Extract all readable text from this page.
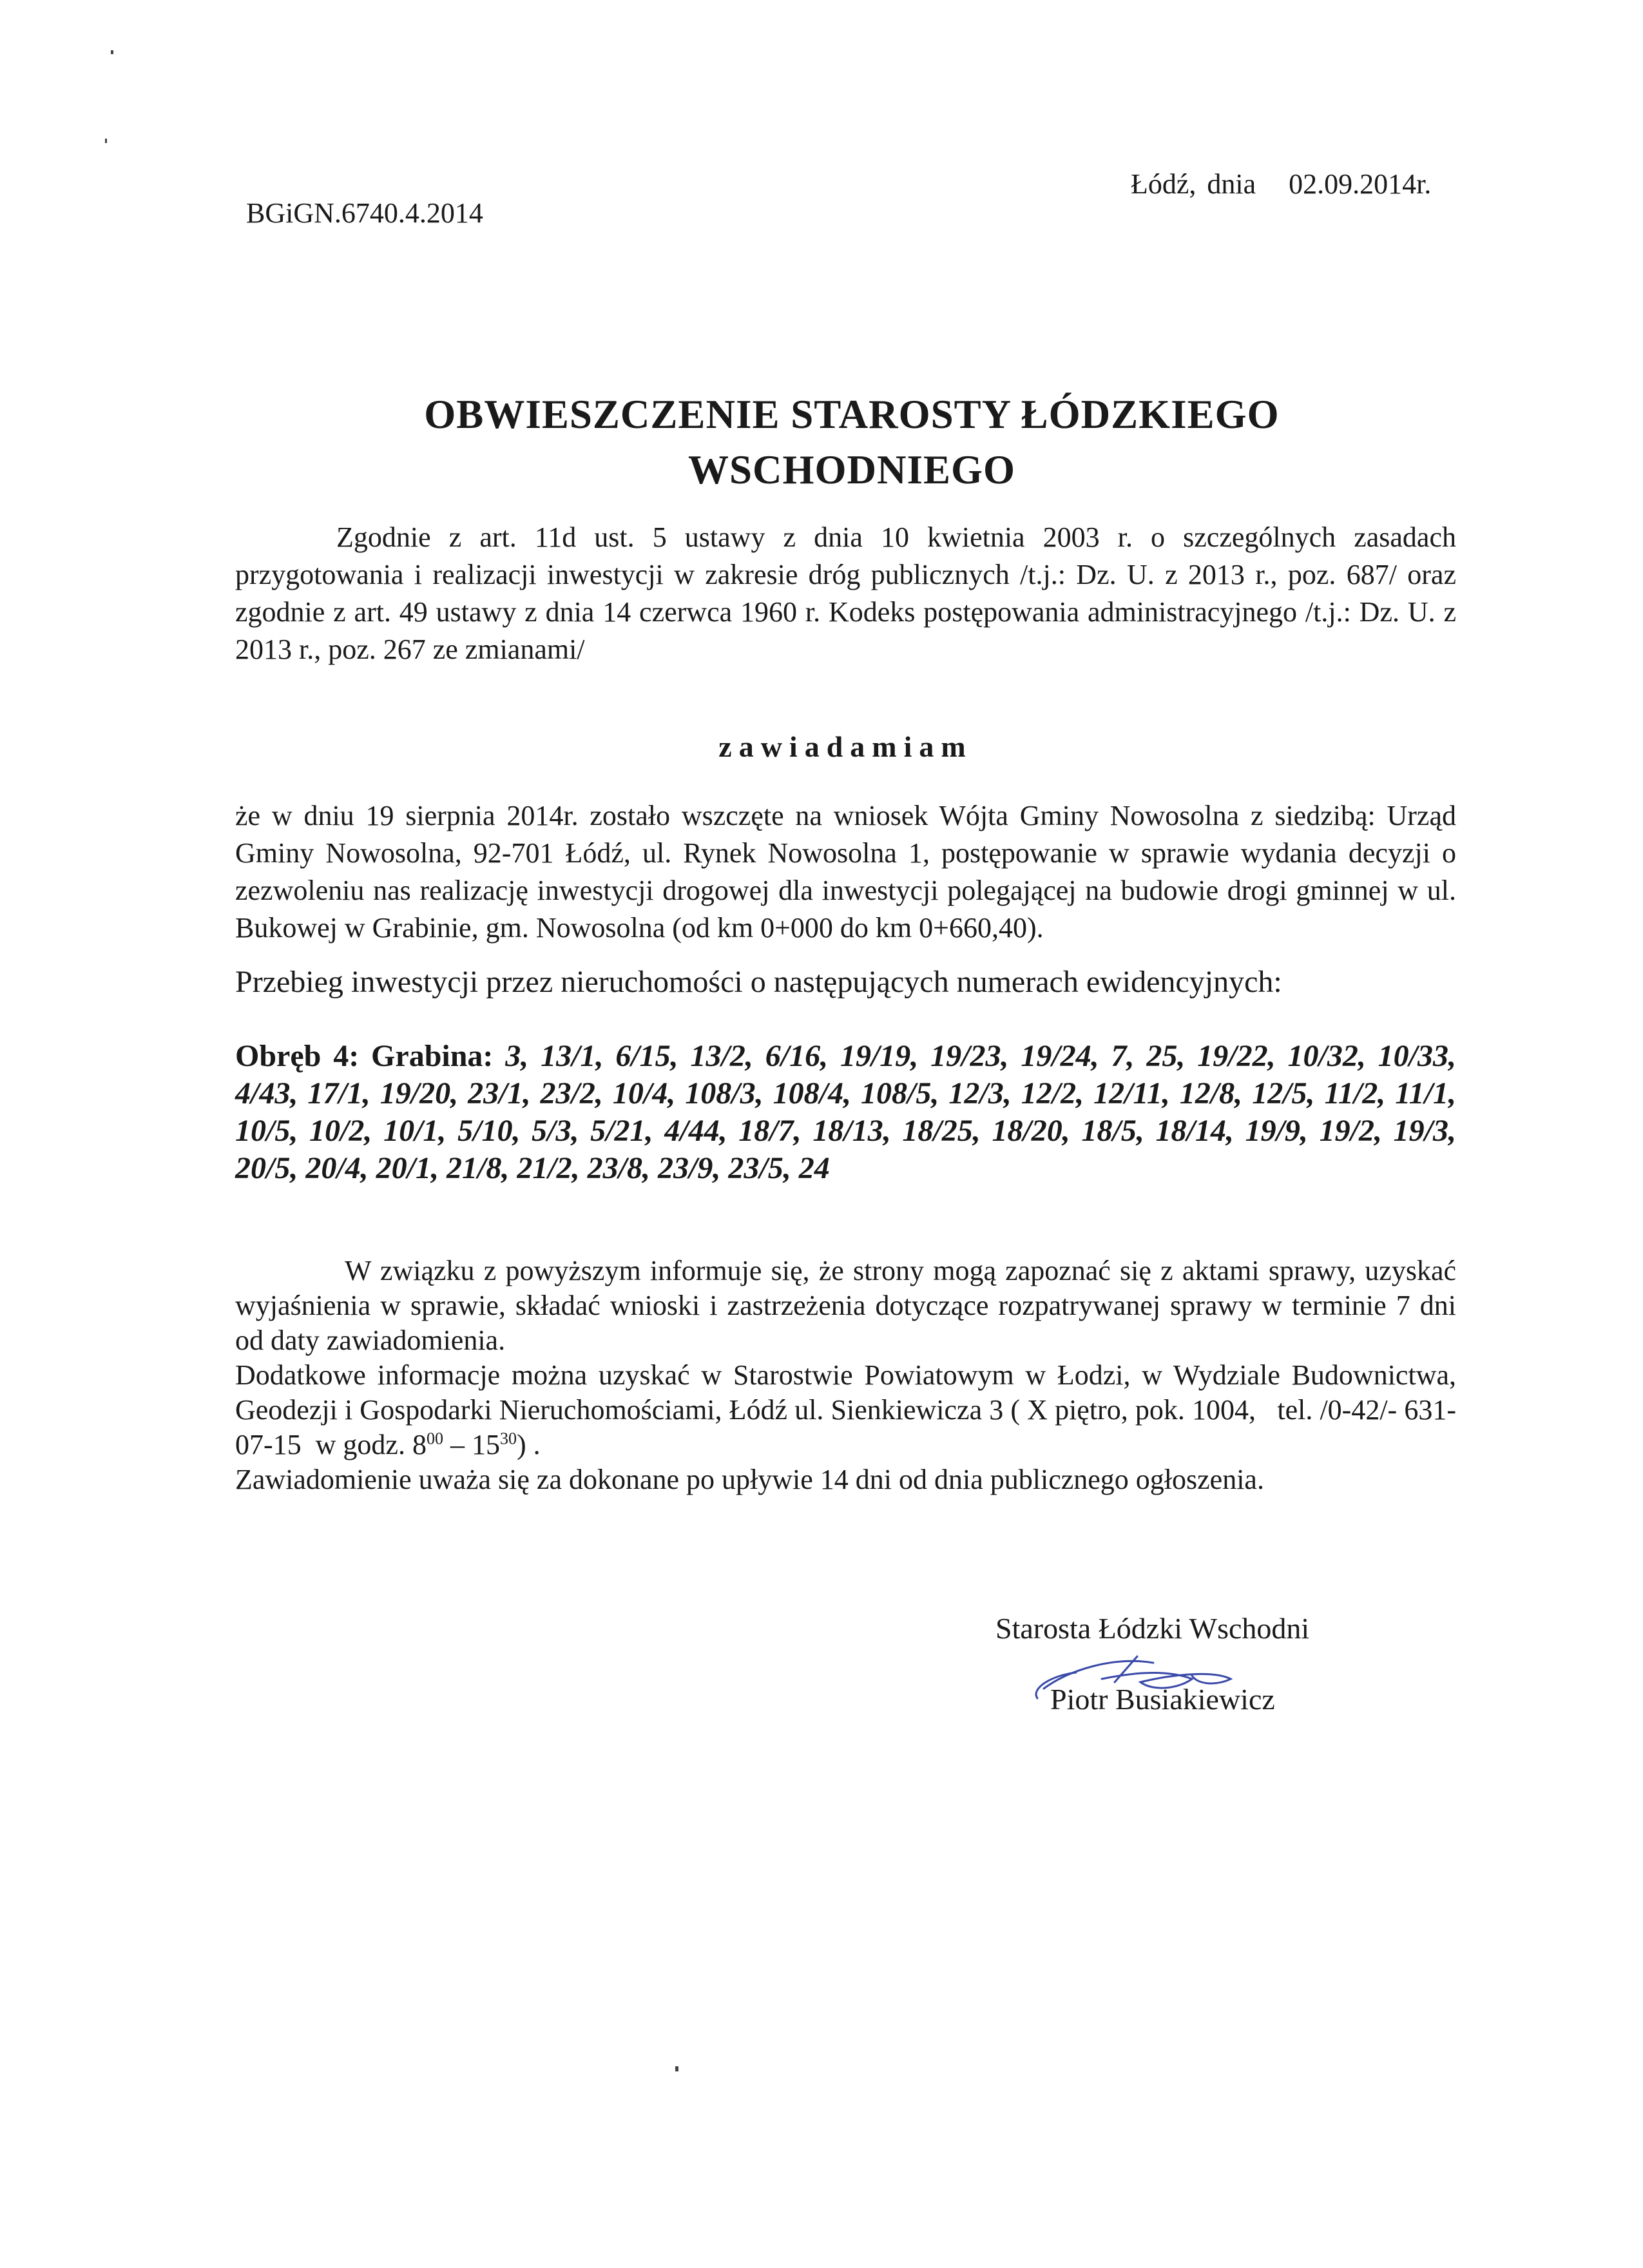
BGiGN.6740.4.2014
Łódź, dnia   02.09.2014r.
OBWIESZCZENIE STAROSTY ŁÓDZKIEGO
WSCHODNIEGO
Zgodnie z art. 11d ust. 5 ustawy z dnia 10 kwietnia 2003 r. o szczególnych zasadach przygotowania i realizacji inwestycji w zakresie dróg publicznych /t.j.: Dz. U. z 2013 r., poz. 687/ oraz zgodnie z art. 49 ustawy z dnia 14 czerwca 1960 r. Kodeks postępowania administracyjnego /t.j.: Dz. U. z 2013 r., poz. 267 ze zmianami/
zawiadamiam
że w dniu 19 sierpnia 2014r. zostało wszczęte na wniosek Wójta Gminy Nowosolna z siedzibą: Urząd Gminy Nowosolna, 92-701 Łódź, ul. Rynek Nowosolna 1, postępowanie w sprawie wydania decyzji o zezwoleniu nas realizację inwestycji drogowej dla inwestycji polegającej na budowie drogi gminnej w ul. Bukowej w Grabinie, gm. Nowosolna (od km 0+000 do km 0+660,40).
Przebieg inwestycji przez nieruchomości o następujących numerach ewidencyjnych:
Obręb 4: Grabina: 3, 13/1, 6/15, 13/2, 6/16, 19/19, 19/23, 19/24, 7, 25, 19/22, 10/32, 10/33, 4/43, 17/1, 19/20, 23/1, 23/2, 10/4, 108/3, 108/4, 108/5, 12/3, 12/2, 12/11, 12/8, 12/5, 11/2, 11/1, 10/5, 10/2, 10/1, 5/10, 5/3, 5/21, 4/44, 18/7, 18/13, 18/25, 18/20, 18/5, 18/14, 19/9, 19/2, 19/3, 20/5, 20/4, 20/1, 21/8, 21/2, 23/8, 23/9, 23/5, 24

W związku z powyższym informuje się, że strony mogą zapoznać się z aktami sprawy, uzyskać wyjaśnienia w sprawie, składać wnioski i zastrzeżenia dotyczące rozpatrywanej sprawy w terminie 7 dni od daty zawiadomienia.

Dodatkowe informacje można uzyskać w Starostwie Powiatowym w Łodzi, w Wydziale Budownictwa, Geodezji i Gospodarki Nieruchomościami, Łódź ul. Sienkiewicza 3 ( X piętro, pok. 1004,   tel. /0-42/- 631-07-15  w godz. $8^{00} - 15^{30}$) .

Zawiadomienie uważa się za dokonane po upływie 14 dni od dnia publicznego ogłoszenia.

Starosta Łódzki Wschodni
Piotr Busiakiewicz
